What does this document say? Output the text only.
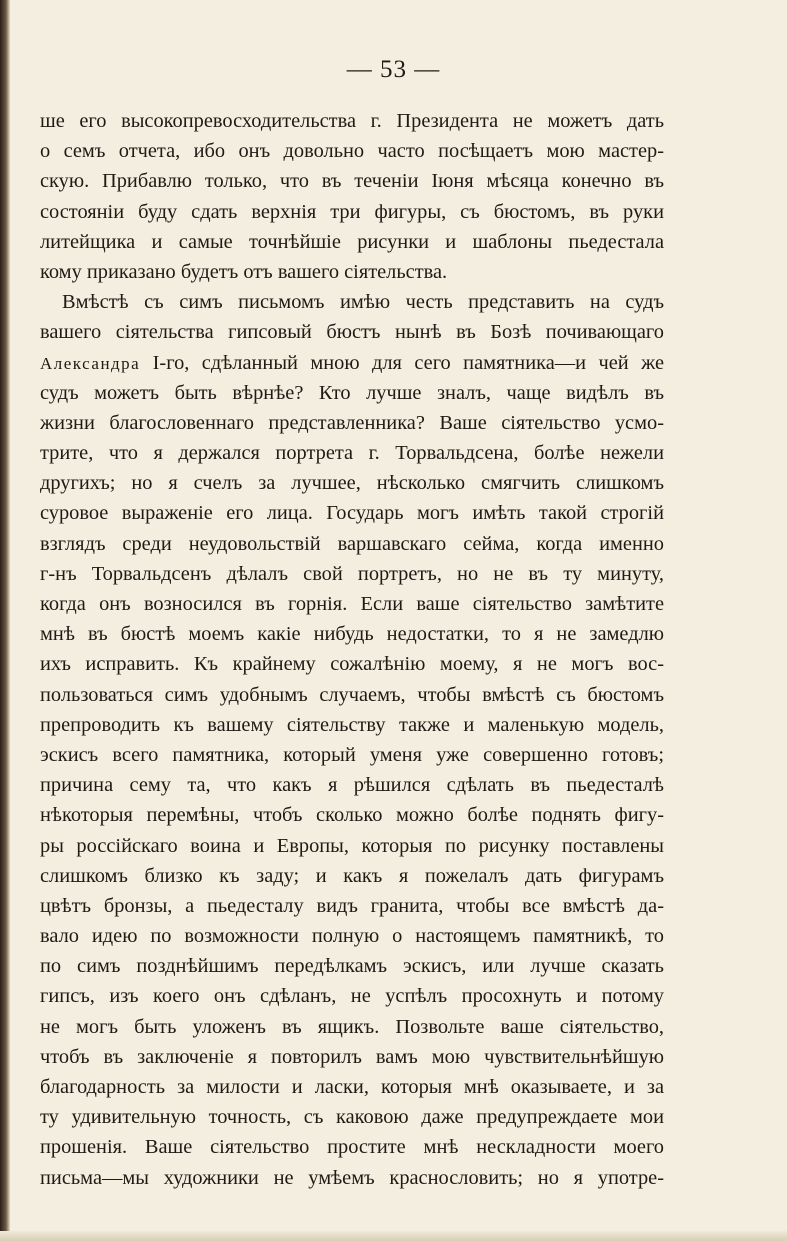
— 53 —
ше его высокопревосходительства г. Президента не можетъ дать
о семъ отчета, ибо онъ довольно часто посѣщаетъ мою мастер-
скую. Прибавлю только, что въ теченіи Іюня мѣсяца конечно въ
состояніи буду сдать верхнія три фигуры, съ бюстомъ, въ руки
литейщика и самые точнѣйшіе рисунки и шаблоны пьедестала
кому приказано будетъ отъ вашего сіятельства.
Вмѣстѣ съ симъ письмомъ имѣю честь представить на судъ
вашего сіятельства гипсовый бюстъ нынѣ въ Бозѣ почивающаго
Александра I-го, сдѣланный мною для сего памятника—и чей же
судъ можетъ быть вѣрнѣе? Кто лучше зналъ, чаще видѣлъ въ
жизни благословеннаго представленника? Ваше сіятельство усмо-
трите, что я держался портрета г. Торвальдсена, болѣе нежели
другихъ; но я счелъ за лучшее, нѣсколько смягчить слишкомъ
суровое выраженіе его лица. Государь могъ имѣть такой строгій
взглядъ среди неудовольствій варшавскаго сейма, когда именно
г-нъ Торвальдсенъ дѣлалъ свой портретъ, но не въ ту минуту,
когда онъ возносился въ горнія. Если ваше сіятельство замѣтите
мнѣ въ бюстѣ моемъ какіе нибудь недостатки, то я не замедлю
ихъ исправить. Къ крайнему сожалѣнію моему, я не могъ вос-
пользоваться симъ удобнымъ случаемъ, чтобы вмѣстѣ съ бюстомъ
препроводить къ вашему сіятельству также и маленькую модель,
эскисъ всего памятника, который уменя уже совершенно готовъ;
причина сему та, что какъ я рѣшился сдѣлать въ пьедесталѣ
нѣкоторыя перемѣны, чтобъ сколько можно болѣе поднять фигу-
ры россійскаго воина и Европы, которыя по рисунку поставлены
слишкомъ близко къ заду; и какъ я пожелалъ дать фигурамъ
цвѣтъ бронзы, а пьедесталу видъ гранита, чтобы все вмѣстѣ да-
вало идею по возможности полную о настоящемъ памятникѣ, то
по симъ позднѣйшимъ передѣлкамъ эскисъ, или лучше сказать
гипсъ, изъ коего онъ сдѣланъ, не успѣлъ просохнуть и потому
не могъ быть уложенъ въ ящикъ. Позвольте ваше сіятельство,
чтобъ въ заключеніе я повторилъ вамъ мою чувствительнѣйшую
благодарность за милости и ласки, которыя мнѣ оказываете, и за
ту удивительную точность, съ каковою даже предупреждаете мои
прошенія. Ваше сіятельство простите мнѣ нескладности моего
письма—мы художники не умѣемъ краснословить; но я употре-
